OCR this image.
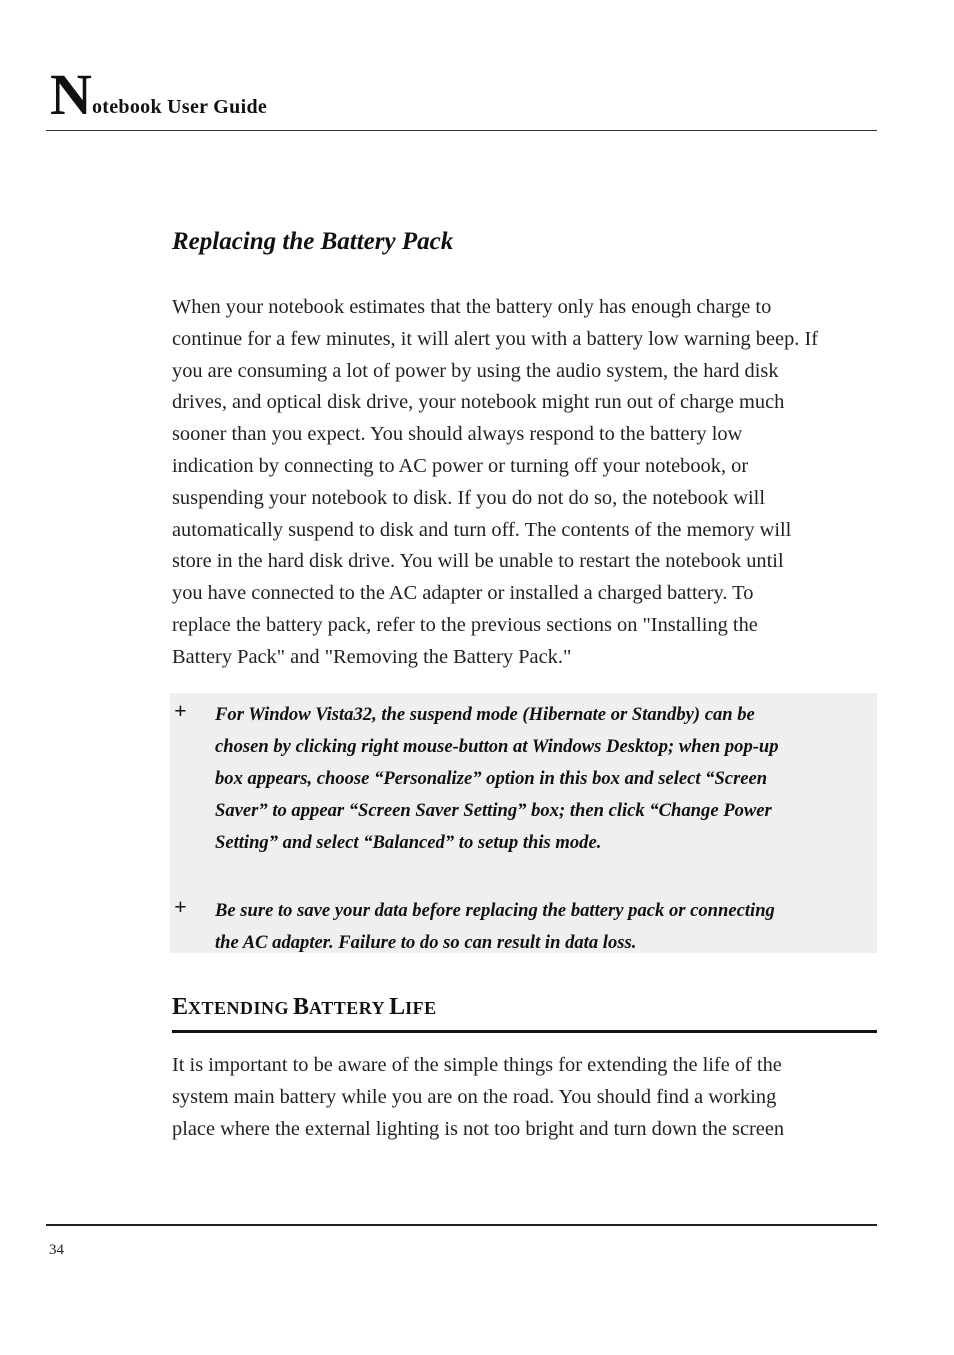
N otebook User Guide
Replacing the Battery Pack
When your notebook estimates that the battery only has enough charge to
continue for a few minutes, it will alert you with a battery low warning beep. If
you are consuming a lot of power by using the audio system, the hard disk
drives, and optical disk drive, your notebook might run out of charge much
sooner than you expect. You should always respond to the battery low
indication by connecting to AC power or turning off your notebook, or
suspending your notebook to disk. If you do not do so, the notebook will
automatically suspend to disk and turn off. The contents of the memory will
store in the hard disk drive. You will be unable to restart the notebook until
you have connected to the AC adapter or installed a charged battery. To
replace the battery pack, refer to the previous sections on "Installing the
Battery Pack" and "Removing the Battery Pack."
+ For Window Vista32, the suspend mode (Hibernate or Standby) can be
chosen by clicking right mouse-button at Windows Desktop; when pop-up
box appears, choose “Personalize” option in this box and select “Screen
Saver” to appear “Screen Saver Setting” box; then click “Change Power
Setting” and select “Balanced” to setup this mode.
+ Be sure to save your data before replacing the battery pack or connecting
the AC adapter. Failure to do so can result in data loss.
EXTENDING BATTERY LIFE
It is important to be aware of the simple things for extending the life of the
system main battery while you are on the road. You should find a working
place where the external lighting is not too bright and turn down the screen
34
